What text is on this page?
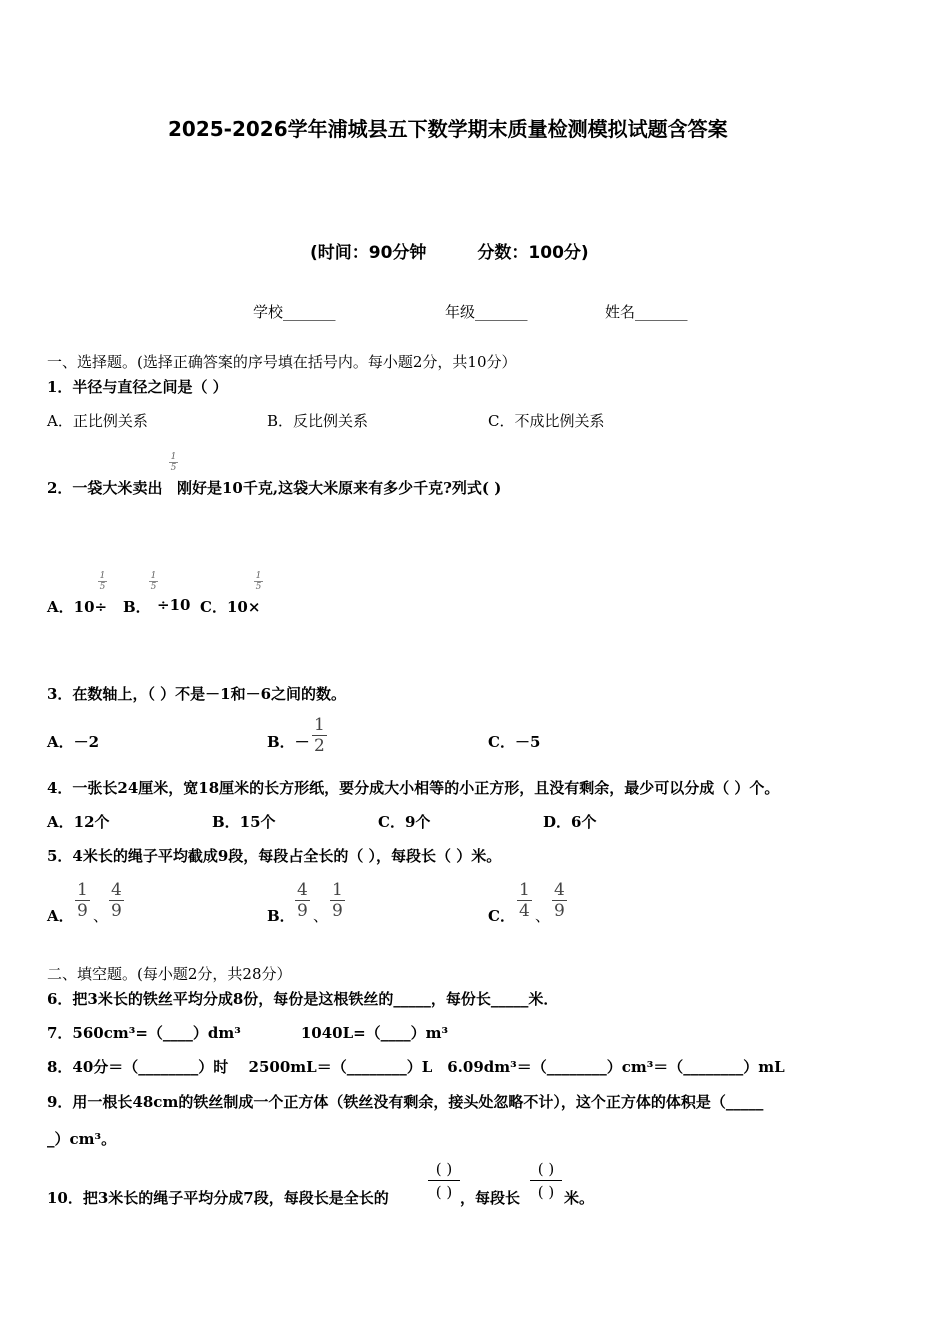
2025-2026学年浦城县五下数学期末质量检测模拟试题含答案
(时间：90分钟　　　分数：100分)
学校_______	年级_______	姓名_______
一、选择题。(选择正确答案的序号填在括号内。每小题2分，共10分）
1．半径与直径之间是（ ）
A．正比例关系	B．反比例关系	C．不成比例关系
2．一袋大米卖出
1
5
刚好是10千克,这袋大米原来有多少千克?列式( )
A．10÷
1
5
B．
1
5
÷10 C．10×
1
5
3．在数轴上，（ ）不是－1和－6之间的数。
A．－2	B．－ $\frac{1}{2}$	C．－5
4．一张长24厘米，宽18厘米的长方形纸，要分成大小相等的小正方形，且没有剩余，最少可以分成（ ）个。
A．12个	B．15个	C．9个	D．6个
5．4米长的绳子平均截成9段，每段占全长的（ ），每段长（ ）米。
A． $\frac{1}{9}$ 、 $\frac{4}{9}$	B． $\frac{4}{9}$ 、 $\frac{1}{9}$	C． $\frac{1}{4}$ 、 $\frac{4}{9}$
二、填空题。(每小题2分，共28分）
6．把3米长的铁丝平均分成8份，每份是这根铁丝的_____，每份长_____米．
7．560cm³=（____）dm³　　　　1040L=（____）m³
8．40分＝（________）时　 2500mL＝（________）L　6.09dm³＝（________）cm³＝（________）mL
9．用一根长48cm的铁丝制成一个正方体（铁丝没有剩余，接头处忽略不计），这个正方体的体积是（_____
_）cm³。
10．把3米长的绳子平均分成7段，每段长是全长的
( )
( ) ，每段长
( )
( ) 米。
